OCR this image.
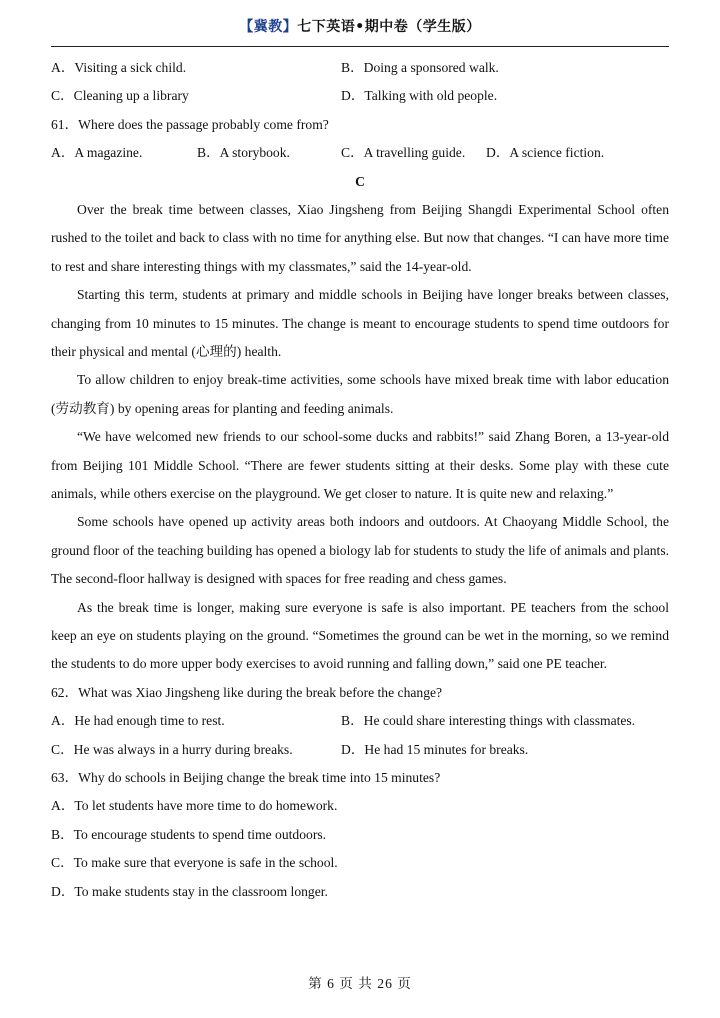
【冀教】七下英语•期中卷（学生版）
A．Visiting a sick child.	B．Doing a sponsored walk.
C．Cleaning up a library	D．Talking with old people.
61．Where does the passage probably come from?
A．A magazine.	B．A storybook.	C．A travelling guide.	D．A science fiction.
C

Over the break time between classes, Xiao Jingsheng from Beijing Shangdi Experimental School often rushed to the toilet and back to class with no time for anything else. But now that changes. “I can have more time to rest and share interesting things with my classmates,” said the 14-year-old.

Starting this term, students at primary and middle schools in Beijing have longer breaks between classes, changing from 10 minutes to 15 minutes. The change is meant to encourage students to spend time outdoors for their physical and mental (心理的) health.

To allow children to enjoy break-time activities, some schools have mixed break time with labor education (劳动教育) by opening areas for planting and feeding animals.

“We have welcomed new friends to our school-some ducks and rabbits!” said Zhang Boren, a 13-year-old from Beijing 101 Middle School. “There are fewer students sitting at their desks. Some play with these cute animals, while others exercise on the playground. We get closer to nature. It is quite new and relaxing.”

Some schools have opened up activity areas both indoors and outdoors. At Chaoyang Middle School, the ground floor of the teaching building has opened a biology lab for students to study the life of animals and plants. The second-floor hallway is designed with spaces for free reading and chess games.

As the break time is longer, making sure everyone is safe is also important. PE teachers from the school keep an eye on students playing on the ground. “Sometimes the ground can be wet in the morning, so we remind the students to do more upper body exercises to avoid running and falling down,” said one PE teacher.

62．What was Xiao Jingsheng like during the break before the change?
A．He had enough time to rest.	B．He could share interesting things with classmates.
C．He was always in a hurry during breaks.	D．He had 15 minutes for breaks.
63．Why do schools in Beijing change the break time into 15 minutes?
A．To let students have more time to do homework.
B．To encourage students to spend time outdoors.
C．To make sure that everyone is safe in the school.
D．To make students stay in the classroom longer.
第 6 页 共 26 页
